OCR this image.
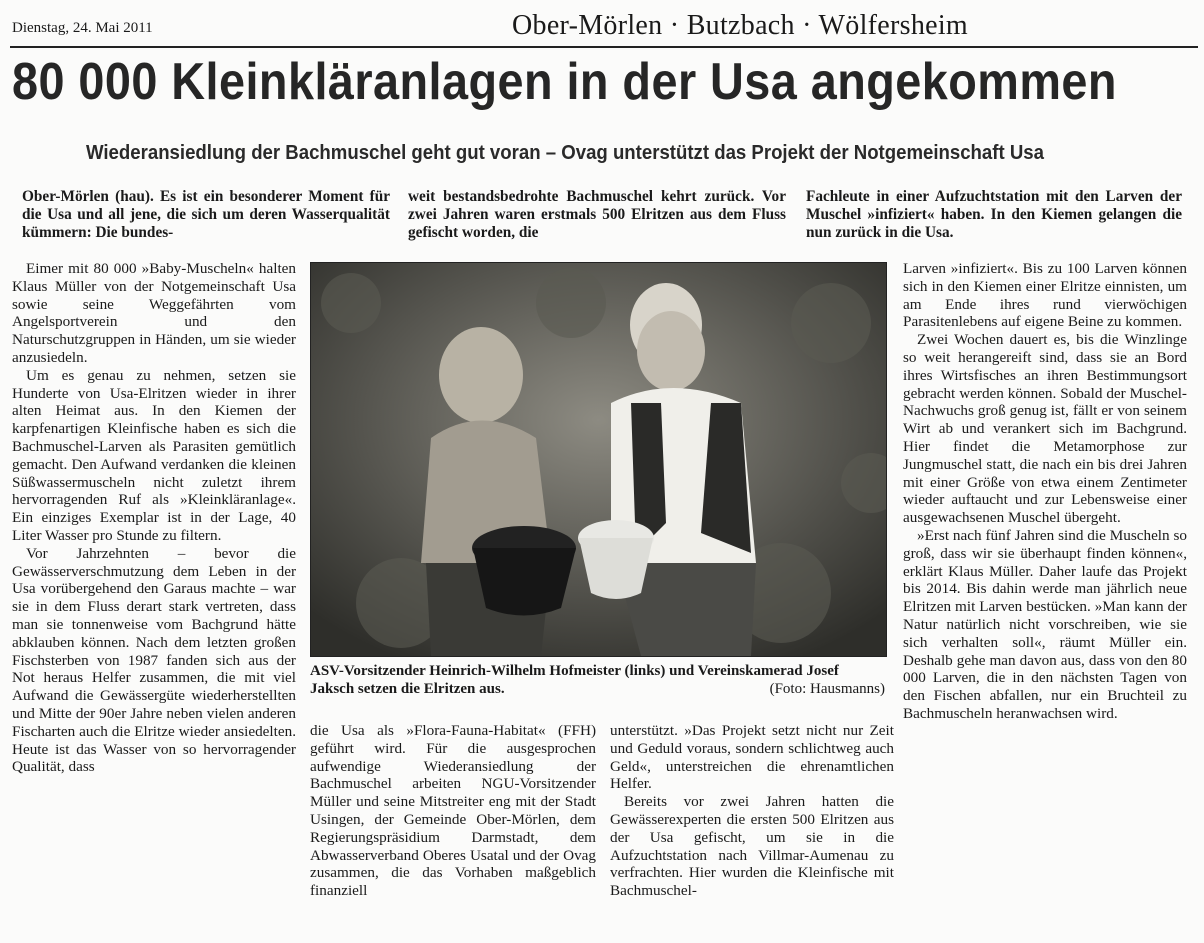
Dienstag, 24. Mai 2011	Ober-Mörlen · Butzbach · Wölfersheim
80 000 Kleinkläranlagen in der Usa angekommen
Wiederansiedlung der Bachmuschel geht gut voran – Ovag unterstützt das Projekt der Notgemeinschaft Usa

Ober-Mörlen (hau). Es ist ein besonderer Moment für die Usa und all jene, die sich um deren Wasserqualität kümmern: Die bundes-

weit bestandsbedrohte Bachmuschel kehrt zurück. Vor zwei Jahren waren erstmals 500 Elritzen aus dem Fluss gefischt worden, die

Fachleute in einer Aufzuchtstation mit den Larven der Muschel »infiziert« haben. In den Kiemen gelangen die nun zurück in die Usa.

Eimer mit 80 000 »Baby-Muscheln« halten Klaus Müller von der Notgemeinschaft Usa sowie seine Weggefährten vom Angelsportverein und den Naturschutzgruppen in Händen, um sie wieder anzusiedeln.

Um es genau zu nehmen, setzen sie Hunderte von Usa-Elritzen wieder in ihrer alten Heimat aus. In den Kiemen der karpfenartigen Kleinfische haben es sich die Bachmuschel-Larven als Parasiten gemütlich gemacht. Den Aufwand verdanken die kleinen Süßwassermuscheln nicht zuletzt ihrem hervorragenden Ruf als »Kleinkläranlage«. Ein einziges Exemplar ist in der Lage, 40 Liter Wasser pro Stunde zu filtern.

Vor Jahrzehnten – bevor die Gewässerverschmutzung dem Leben in der Usa vorübergehend den Garaus machte – war sie in dem Fluss derart stark vertreten, dass man sie tonnenweise vom Bachgrund hätte abklauben können. Nach dem letzten großen Fischsterben von 1987 fanden sich aus der Not heraus Helfer zusammen, die mit viel Aufwand die Gewässergüte wiederherstellten und Mitte der 90er Jahre neben vielen anderen Fischarten auch die Elritze wieder ansiedelten. Heute ist das Wasser von so hervorragender Qualität, dass

ASV-Vorsitzender Heinrich-Wilhelm Hofmeister (links) und Vereinskamerad Josef Jaksch setzen die Elritzen aus.	(Foto: Hausmanns)

die Usa als »Flora-Fauna-Habitat« (FFH) geführt wird. Für die ausgesprochen aufwendige Wiederansiedlung der Bachmuschel arbeiten NGU-Vorsitzender Müller und seine Mitstreiter eng mit der Stadt Usingen, der Gemeinde Ober-Mörlen, dem Regierungspräsidium Darmstadt, dem Abwasserverband Oberes Usatal und der Ovag zusammen, die das Vorhaben maßgeblich finanziell

unterstützt. »Das Projekt setzt nicht nur Zeit und Geduld voraus, sondern schlichtweg auch Geld«, unterstreichen die ehrenamtlichen Helfer.

Bereits vor zwei Jahren hatten die Gewässerexperten die ersten 500 Elritzen aus der Usa gefischt, um sie in die Aufzuchtstation nach Villmar-Aumenau zu verfrachten. Hier wurden die Kleinfische mit Bachmuschel-

Larven »infiziert«. Bis zu 100 Larven können sich in den Kiemen einer Elritze einnisten, um am Ende ihres rund vierwöchigen Parasitenlebens auf eigene Beine zu kommen.

Zwei Wochen dauert es, bis die Winzlinge so weit herangereift sind, dass sie an Bord ihres Wirtsfisches an ihren Bestimmungsort gebracht werden können. Sobald der Muschel-Nachwuchs groß genug ist, fällt er von seinem Wirt ab und verankert sich im Bachgrund. Hier findet die Metamorphose zur Jungmuschel statt, die nach ein bis drei Jahren mit einer Größe von etwa einem Zentimeter wieder auftaucht und zur Lebensweise einer ausgewachsenen Muschel übergeht.

»Erst nach fünf Jahren sind die Muscheln so groß, dass wir sie überhaupt finden können«, erklärt Klaus Müller. Daher laufe das Projekt bis 2014. Bis dahin werde man jährlich neue Elritzen mit Larven bestücken. »Man kann der Natur natürlich nicht vorschreiben, wie sie sich verhalten soll«, räumt Müller ein. Deshalb gehe man davon aus, dass von den 80 000 Larven, die in den nächsten Tagen von den Fischen abfallen, nur ein Bruchteil zu Bachmuscheln heranwachsen wird.
